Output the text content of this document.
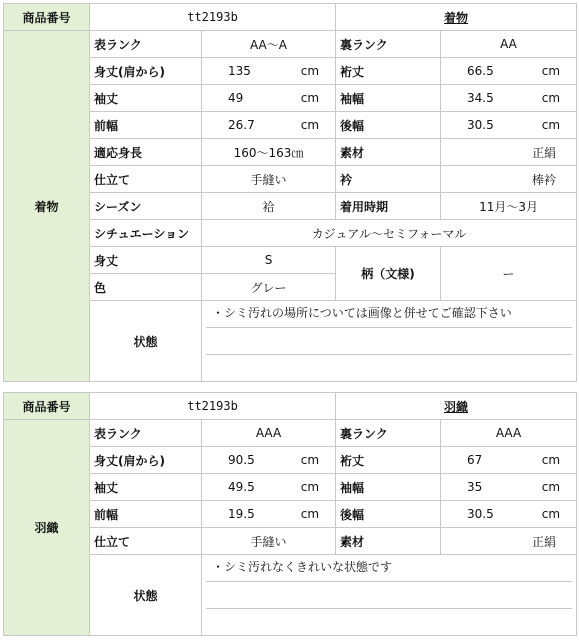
商品番号	tt2193b		着物	
着物	表ランク	AA～A	裏ランク	AA
	身丈(肩から)	135 cm	裄丈	66.5 cm

	袖丈	49 cm	袖幅	34.5 cm

	前幅	26.7 cm	後幅	30.5 cm

	適応身長	160～163㎝	素材	正絹
	仕立て	手縫い	衿	棒衿
	シーズン	袷	着用時期	11月～3月
	シチュエーション	カジュアル～セミフォーマル		
	身丈	S	柄（文様)	ー
	色	グレー		
	状態	・シミ汚れの場所については画像と併せてご確認下さい		

商品番号	tt2193b		羽織	
羽織	表ランク	AAA	裏ランク	AAA
	身丈(肩から)	90.5 cm	裄丈	67 cm

	袖丈	49.5 cm	袖幅	35 cm

	前幅	19.5 cm	後幅	30.5 cm

	仕立て	手縫い	素材	正絹
	状態	・シミ汚れなくきれいな状態です		
